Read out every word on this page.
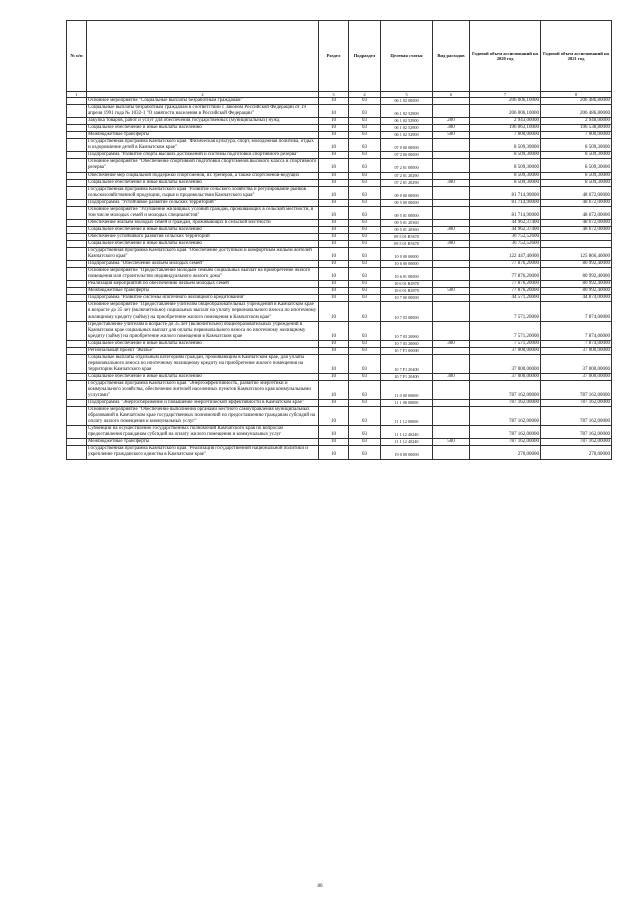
№ п/п		Раздел	Подраздел	Целевая статья	Вид расходов	Годовой объем ассигнований на 2020 год	Годовой объем ассигнований на 2021 год
1	2	3	4	5	6	7	8
	Основное мероприятие "Социальные выплаты безработным гражданам"	10	03	06 1 02 00000		206 006,10000	206 486,80000
	Социальные выплаты безработным гражданам в соответствии с Законом Российской Федерации от 19 апреля 1991 года № 1032-1 "О занятости населения в Российской Федерации"	10	03	06 1 02 52900		206 006,10000	206 486,80000
	Закупка товаров, работ и услуг для обеспечения государственных (муниципальных) нужд	10	03	06 1 02 52900	200	2 943,00000	2 948,00000
	Социальное обеспечение и иные выплаты населению	10	03	06 1 02 52900	300	196 063,10000	196 538,80000
	Межбюджетные трансферты	10	03	06 1 02 52900	500	7 000,00000	7 000,00000
	Государственная программа Камчатского края "Физическая культура, спорт, молодежная политика, отдых и оздоровление детей в Камчатском крае"	10	03	07 0 00 00000		8 509,30000	8 509,30000
	Подпрограмма "Развитие спорта высших достижений и системы подготовки спортивного резерва"	10	03	07 2 00 00000		8 509,30000	8 509,30000
	Основное мероприятие "Обеспечение спортивной подготовки спортсменов высокого класса и спортивного резерва"	10	03	07 2 01 00000		8 509,30000	8 509,30000
	Обеспечение мер социальной поддержки спортсменов, их тренеров, а также спортсменов-ведущих	10	03	07 2 01 20290		8 509,30000	8 509,30000
	Социальное обеспечение и иные выплаты населению	10	03	07 2 01 20290	300	8 509,30000	8 509,30000
	Государственная программа Камчатского края "Развитие сельского хозяйства и регулирование рынков сельскохозяйственной продукции, сырья и продовольствия Камчатского края"	10	03	09 0 00 00000		81 714,90000	48 672,00000
	Подпрограмма "Устойчивое развитие сельских территорий"	10	03	09 5 00 00000		81 714,90000	48 672,00000
	Основное мероприятие "Улучшение жилищных условий граждан, проживающих в сельской местности, в том числе молодых семей и молодых специалистов"	10	03	09 5 01 00000		81 714,90000	48 672,00000
	Обеспечение жильем молодых семей и граждан, проживающих в сельской местности	10	03	09 5 01 20360		44 962,37400	48 672,00000
	Социальное обеспечение и иные выплаты населению	10	03	09 5 01 20360	300	44 962,37400	48 672,00000
	Обеспечение устойчивого развития сельских территорий	10	03	09 5 01 R5670		36 752,52600	
	Социальное обеспечение и иные выплаты населению	10	03	09 5 01 R5670	300	36 752,52600	
	Государственная программа Камчатского края "Обеспечение доступным и комфортным жильем жителей Камчатского края"	10	03	10 0 00 00000		122 447,40000	125 866,40000
	Подпрограмма "Обеспечение жильем молодых семей"	10	03	10 6 00 00000		77 876,20000	80 992,40000
	Основное мероприятие "Предоставление молодым семьям социальных выплат на приобретение жилого помещения или строительство индивидуального жилого дома"	10	03	10 6 01 00000		77 876,20000	80 992,40000
	Реализация мероприятий по обеспечению жильем молодых семей	10	03	10 6 01 R4970		77 876,20000	80 992,40000
	Межбюджетные трансферты	10	03	10 6 01 R4970	500	77 876,20000	80 992,40000
	Подпрограмма "Развитие системы ипотечного жилищного кредитования"	10	03	10 7 00 00000		44 571,20000	44 874,00000
	Основное мероприятие "Предоставление учителям общеобразовательных учреждений в Камчатском крае в возрасте до 35 лет (включительно) социальных выплат на уплату первоначального взноса по ипотечному жилищному кредиту (займу) на приобретение жилого помещения в Камчатском крае"	10	03	10 7 03 00000		7 571,20000	7 874,00000
	Предоставление учителям в возрасте до 35 лет (включительно) общеобразовательных учреждений в Камчатском крае социальных выплат для оплаты первоначального взноса по ипотечному жилищному кредиту (займу) на приобретение жилого помещения в Камчатском крае	10	03	10 7 03 20060		7 571,20000	7 874,00000
	Социальное обеспечение и иные выплаты населению	10	03	10 7 03 20060	300	7 571,20000	7 874,00000
	Региональный проект "Жилье"	10	03	10 7 F1 00000		37 000,00000	37 000,00000
	Социальные выплаты отдельным категориям граждан, проживающим в Камчатском крае, для уплаты первоначального взноса по ипотечному жилищному кредиту на приобретение жилого помещения на территории Камчатского края	10	03	10 7 F1 20400		37 000,00000	37 000,00000
	Социальное обеспечение и иные выплаты населению	10	03	10 7 F1 20400	300	37 000,00000	37 000,00000
	Государственная программа Камчатского края "Энергоэффективность, развитие энергетики и коммунального хозяйства, обеспечение жителей населенных пунктов Камчатского края коммунальными услугами"	10	03	11 0 00 00000		787 162,00000	787 162,00000
	Подпрограмма "Энергосбережение и повышение энергетической эффективности в Камчатском крае"	10	03	11 1 00 00000		787 162,00000	787 162,00000
	Основное мероприятие "Обеспечение выполнения органами местного самоуправления муниципальных образований в Камчатском крае государственных полномочий по предоставлению гражданам субсидий на оплату жилого помещения и коммунальных услуг"	10	03	11 1 12 00000		787 162,00000	787 162,00000
	Субвенции на осуществление государственных полномочий Камчатского края по вопросам предоставления гражданам субсидий на оплату жилого помещения и коммунальных услуг	10	03	11 1 12 40240		787 162,00000	787 162,00000
	Межбюджетные трансферты	10	03	11 1 12 40240	500	787 162,00000	787 162,00000
	Государственная программа Камчатского края "Реализация государственной национальной политики и укрепление гражданского единства в Камчатском крае"	10	03	19 0 00 00000		270,00000	270,00000
80
